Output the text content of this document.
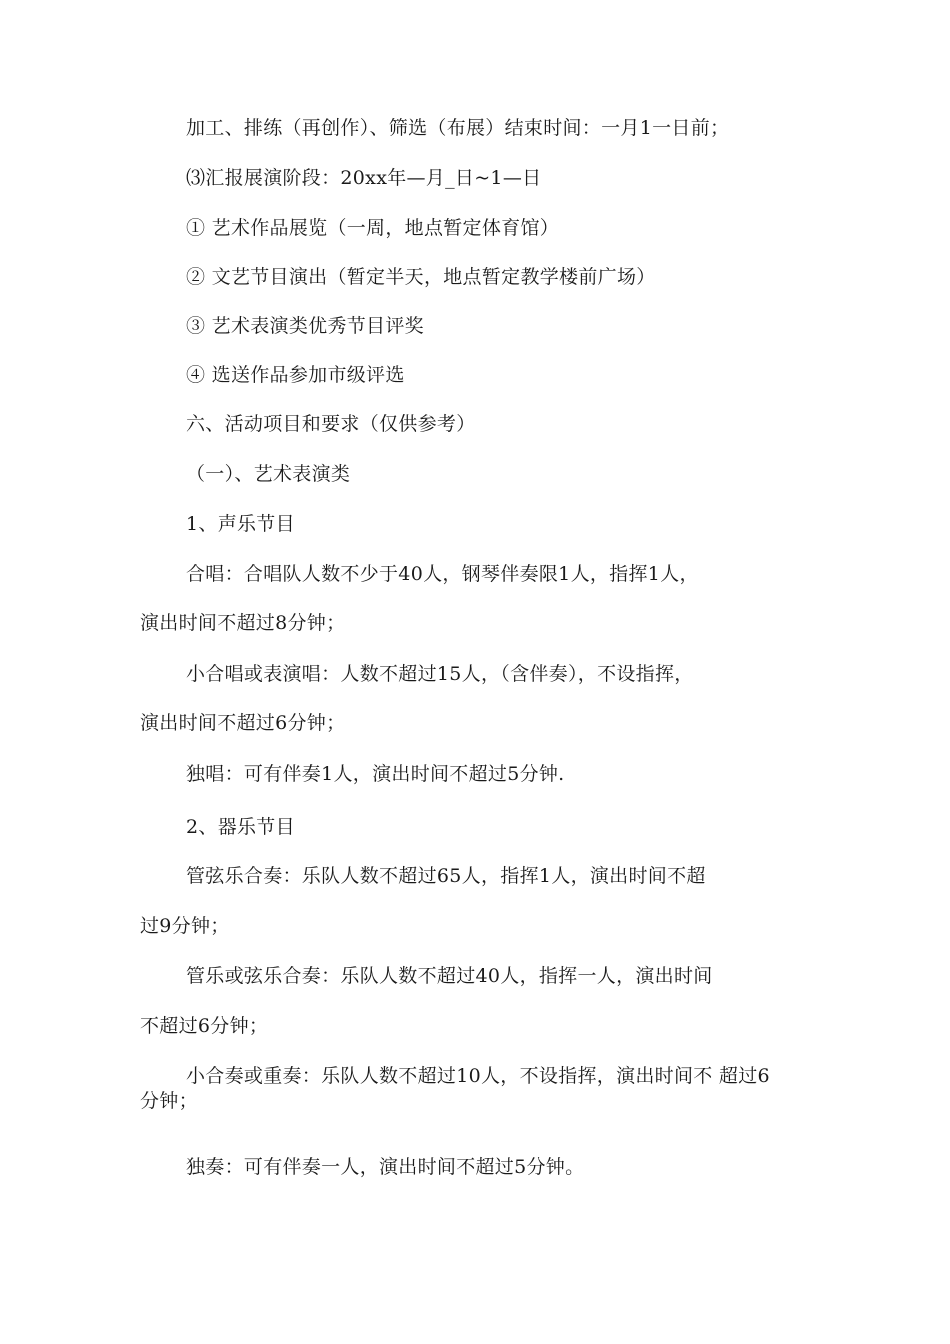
加工、排练（再创作）、筛选（布展）结束时间：一月1一日前；
⑶汇报展演阶段：20xx年—月_日~1—日
① 艺术作品展览（一周，地点暂定体育馆）
② 文艺节目演出（暂定半天，地点暂定教学楼前广场）
③ 艺术表演类优秀节目评奖
④ 选送作品参加市级评选
六、活动项目和要求（仅供参考）
（一）、艺术表演类
1、声乐节目
合唱：合唱队人数不少于40人，钢琴伴奏限1人，指挥1人，
演出时间不超过8分钟；
小合唱或表演唱：人数不超过15人，（含伴奏），不设指挥，
演出时间不超过6分钟；
独唱：可有伴奏1人，演出时间不超过5分钟.
2、器乐节目
管弦乐合奏：乐队人数不超过65人，指挥1人，演出时间不超
过9分钟；
管乐或弦乐合奏：乐队人数不超过40人，指挥一人，演出时间
不超过6分钟；
小合奏或重奏：乐队人数不超过10人，不设指挥，演出时间不 超过6
分钟；
独奏：可有伴奏一人，演出时间不超过5分钟。
